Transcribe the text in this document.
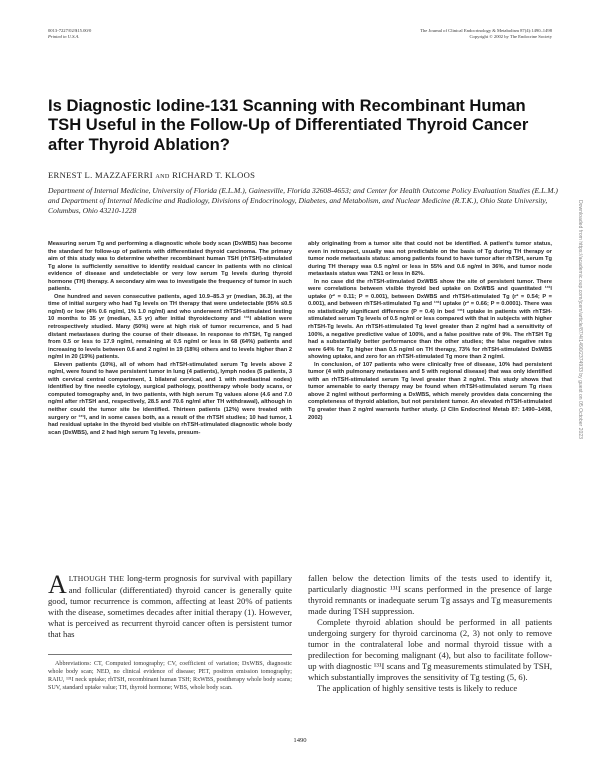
0013-7227/02/$15.00/0
Printed in U.S.A.
The Journal of Clinical Endocrinology & Metabolism 87(4):1490–1498
Copyright © 2002 by The Endocrine Society
Is Diagnostic Iodine-131 Scanning with Recombinant Human TSH Useful in the Follow-Up of Differentiated Thyroid Cancer after Thyroid Ablation?
ERNEST L. MAZZAFERRI AND RICHARD T. KLOOS
Department of Internal Medicine, University of Florida (E.L.M.), Gainesville, Florida 32608-4653; and Center for Health Outcome Policy Evaluation Studies (E.L.M.) and Department of Internal Medicine and Radiology, Divisions of Endocrinology, Diabetes, and Metabolism, and Nuclear Medicine (R.T.K.), Ohio State University, Columbus, Ohio 43210-1228	Downloaded from https://academic.oup.com/jcem/article/87/4/1490/2374933 by guest on 05 October 2023

Measuring serum Tg and performing a diagnostic whole body scan (DxWBS) has become the standard for follow-up of patients with differentiated thyroid carcinoma. The primary aim of this study was to determine whether recombinant human TSH (rhTSH)-stimulated Tg alone is sufficiently sensitive to identify residual cancer in patients with no clinical evidence of disease and undetectable or very low serum Tg levels during thyroid hormone (TH) therapy. A secondary aim was to investigate the frequency of tumor in such patients.

One hundred and seven consecutive patients, aged 10.9–85.3 yr (median, 36.3), at the time of initial surgery who had Tg levels on TH therapy that were undetectable (95% ≤0.5 ng/ml) or low (4% 0.6 ng/ml, 1% 1.0 ng/ml) and who underwent rhTSH-stimulated testing 10 months to 35 yr (median, 3.5 yr) after initial thyroidectomy and ¹³¹I ablation were retrospectively studied. Many (50%) were at high risk of tumor recurrence, and 5 had distant metastases during the course of their disease. In response to rhTSH, Tg ranged from 0.5 or less to 17.9 ng/ml, remaining at 0.5 ng/ml or less in 68 (64%) patients and increasing to levels between 0.6 and 2 ng/ml in 19 (18%) others and to levels higher than 2 ng/ml in 20 (19%) patients.

Eleven patients (10%), all of whom had rhTSH-stimulated serum Tg levels above 2 ng/ml, were found to have persistent tumor in lung (4 patients), lymph nodes (5 patients, 3 with cervical central compartment, 1 bilateral cervical, and 1 with mediastinal nodes) identified by fine needle cytology, surgical pathology, posttherapy whole body scans, or computed tomography and, in two patients, with high serum Tg values alone (4.6 and 7.0 ng/ml after rhTSH and, respectively, 28.5 and 70.6 ng/ml after TH withdrawal), although in neither could the tumor site be identified. Thirteen patients (12%) were treated with surgery or ¹³¹I, and in some cases both, as a result of the rhTSH studies; 10 had tumor, 1 had residual uptake in the thyroid bed visible on rhTSH-stimulated diagnostic whole body scan (DxWBS), and 2 had high serum Tg levels, presum-

ably originating from a tumor site that could not be identified. A patient's tumor status, even in retrospect, usually was not predictable on the basis of Tg during TH therapy or tumor node metastasis status: among patients found to have tumor after rhTSH, serum Tg during TH therapy was 0.5 ng/ml or less in 55% and 0.6 ng/ml in 36%, and tumor node metastasis status was T2N1 or less in 82%.

In no case did the rhTSH-stimulated DxWBS show the site of persistent tumor. There were correlations between visible thyroid bed uptake on DxWBS and quantitated ¹³¹I uptake (r² = 0.11; P = 0.001), between DxWBS and rhTSH-stimulated Tg (r² = 0.54; P = 0.001), and between rhTSH-stimulated Tg and ¹³¹I uptake (r² = 0.66; P = 0.0001). There was no statistically significant difference (P = 0.4) in bed ¹³¹I uptake in patients with rhTSH-stimulated serum Tg levels of 0.5 ng/ml or less compared with that in subjects with higher rhTSH-Tg levels. An rhTSH-stimulated Tg level greater than 2 ng/ml had a sensitivity of 100%, a negative predictive value of 100%, and a false positive rate of 9%. The rhTSH Tg had a substantially better performance than the other studies; the false negative rates were 64% for Tg higher than 0.5 ng/ml on TH therapy, 73% for rhTSH-stimulated DxWBS showing uptake, and zero for an rhTSH-stimulated Tg more than 2 ng/ml.

In conclusion, of 107 patients who were clinically free of disease, 10% had persistent tumor (4 with pulmonary metastases and 5 with regional disease) that was only identified with an rhTSH-stimulated serum Tg level greater than 2 ng/ml. This study shows that tumor amenable to early therapy may be found when rhTSH-stimulated serum Tg rises above 2 ng/ml without performing a DxWBS, which merely provides data concerning the completeness of thyroid ablation, but not persistent tumor. An elevated rhTSH-stimulated Tg greater than 2 ng/ml warrants further study. (J Clin Endocrinol Metab 87: 1490–1498, 2002)

ALTHOUGH THE long-term prognosis for survival with papillary and follicular (differentiated) thyroid cancer is generally quite good, tumor recurrence is common, affecting at least 20% of patients with the disease, sometimes decades after initial therapy (1). However, what is perceived as recurrent thyroid cancer often is persistent tumor that has

fallen below the detection limits of the tests used to identify it, particularly diagnostic ¹³¹I scans performed in the presence of large thyroid remnants or inadequate serum Tg assays and Tg measurements made during TSH suppression.

Complete thyroid ablation should be performed in all patients undergoing surgery for thyroid carcinoma (2, 3) not only to remove tumor in the contralateral lobe and normal thyroid tissue with a predilection for becoming malignant (4), but also to facilitate follow-up with diagnostic ¹³¹I scans and Tg measurements stimulated by TSH, which substantially improves the sensitivity of Tg testing (5, 6).

The application of highly sensitive tests is likely to reduce

Abbreviations: CT, Computed tomography; CV, coefficient of variation; DxWBS, diagnostic whole body scan; NED, no clinical evidence of disease; PET, positron emission tomography; RAIU, ¹³¹I neck uptake; rhTSH, recombinant human TSH; RxWBS, posttherapy whole body scans; SUV, standard uptake value; TH, thyroid hormone; WBS, whole body scan.

1490
